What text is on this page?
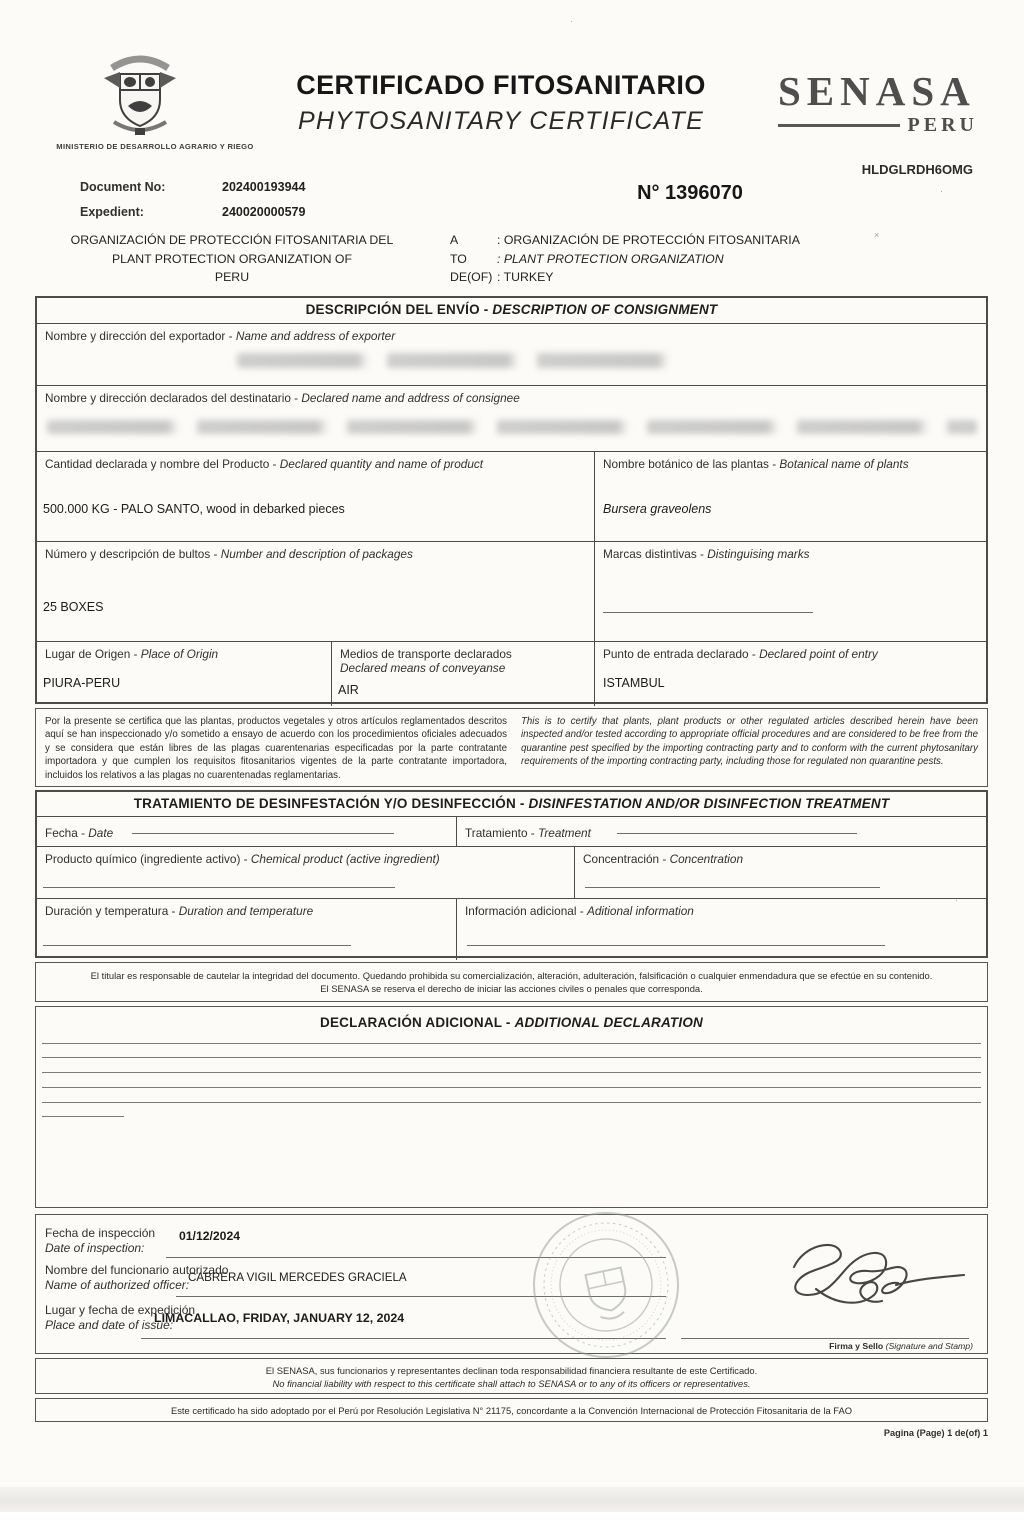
MINISTERIO DE DESARROLLO AGRARIO Y RIEGO
CERTIFICADO FITOSANITARIO
PHYTOSANITARY CERTIFICATE
SENASA
PERU
HLDGLRDH6OMG
Document No:	202400193944
Expedient:	240020000579
N° 1396070
ORGANIZACIÓN DE PROTECCIÓN FITOSANITARIA DEL
PLANT PROTECTION ORGANIZATION OF
PERU
A	: ORGANIZACIÓN DE PROTECCIÓN FITOSANITARIA
TO : PLANT PROTECTION ORGANIZATION
DE(OF) : TURKEY
DESCRIPCIÓN DEL ENVÍO - DESCRIPTION OF CONSIGNMENT
Nombre y dirección del exportador - Name and address of exporter
Nombre y dirección declarados del destinatario - Declared name and address of consignee
Cantidad declarada y nombre del Producto - Declared quantity and name of product
500.000 KG - PALO SANTO, wood in debarked pieces
Nombre botánico de las plantas - Botanical name of plants
Bursera graveolens
Número y descripción de bultos - Number and description of packages
25 BOXES
Marcas distintivas - Distinguising marks
Lugar de Origen - Place of Origin
PIURA-PERU
Medios de transporte declarados
Declared means of conveyanse
AIR
Punto de entrada declarado - Declared point of entry
ISTAMBUL
Por la presente se certifica que las plantas, productos vegetales y otros artículos reglamentados descritos aquí se han inspeccionado y/o sometido a ensayo de acuerdo con los procedimientos oficiales adecuados y se considera que están libres de las plagas cuarentenarias especificadas por la parte contratante importadora y que cumplen los requisitos fitosanitarios vigentes de la parte contratante importadora, incluidos los relativos a las plagas no cuarentenadas reglamentarias.
This is to certify that plants, plant products or other regulated articles described herein have been inspected and/or tested according to appropriate official procedures and are considered to be free from the quarantine pest specified by the importing contracting party and to conform with the current phytosanitary requirements of the importing contracting party, including those for regulated non quarantine pests.
TRATAMIENTO DE DESINFESTACIÓN Y/O DESINFECCIÓN - DISINFESTATION AND/OR DISINFECTION TREATMENT
Fecha - Date	Tratamiento - Treatment
Producto químico (ingrediente activo) - Chemical product (active ingredient)	Concentración - Concentration
Duración y temperatura - Duration and temperature	Información adicional - Aditional information
El titular es responsable de cautelar la integridad del documento. Quedando prohibida su comercialización, alteración, adulteración, falsificación o cualquier enmendadura que se efectúe en su contenido.
El SENASA se reserva el derecho de iniciar las acciones civiles o penales que corresponda.
DECLARACIÓN ADICIONAL - ADDITIONAL DECLARATION
Fecha de inspección
Date of inspection:
01/12/2024
Nombre del funcionario autorizado
Name of authorized officer:
CABRERA VIGIL MERCEDES GRACIELA
Lugar y fecha de expedición
Place and date of issue:
LIMACALLAO, FRIDAY, JANUARY 12, 2024
Firma y Sello (Signature and Stamp)
El SENASA, sus funcionarios y representantes declinan toda responsabilidad financiera resultante de este Certificado.
No financial liability with respect to this certificate shall attach to SENASA or to any of its officers or representatives.
Este certificado ha sido adoptado por el Perú por Resolución Legislativa N° 21175, concordante a la Convención Internacional de Protección Fitosanitaria de la FAO
Pagina (Page) 1 de(of) 1
·
×
·
·
